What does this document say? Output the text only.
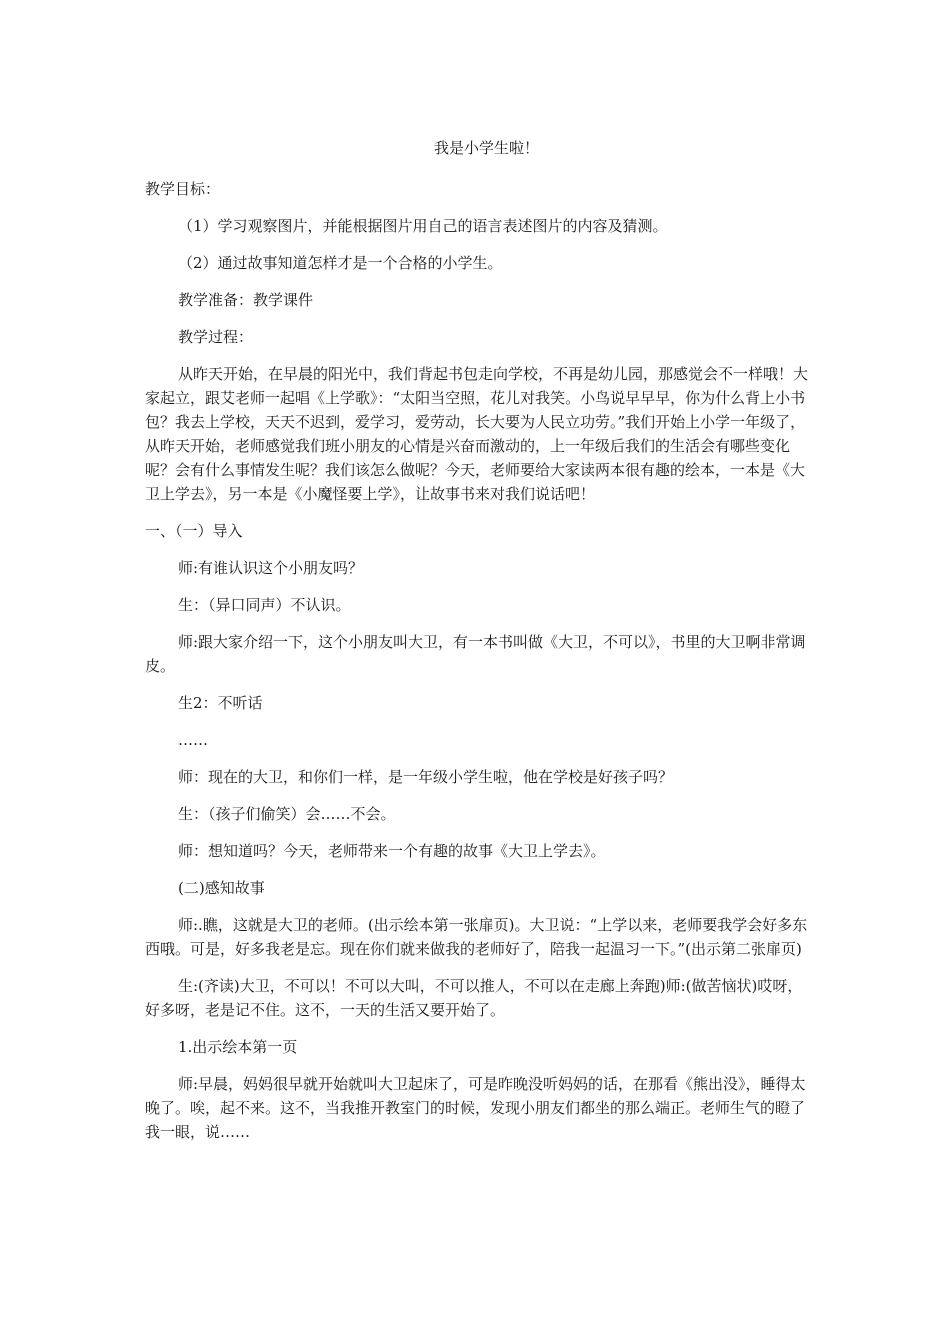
我是小学生啦！

教学目标：

（1）学习观察图片，并能根据图片用自己的语言表述图片的内容及猜测。

（2）通过故事知道怎样才是一个合格的小学生。

教学准备：教学课件

教学过程：

从昨天开始，在早晨的阳光中，我们背起书包走向学校，不再是幼儿园，那感觉会不一样哦！大家起立，跟艾老师一起唱《上学歌》：“太阳当空照，花儿对我笑。小鸟说早早早，你为什么背上小书包？我去上学校，天天不迟到，爱学习，爱劳动，长大要为人民立功劳。”我们开始上小学一年级了，从昨天开始，老师感觉我们班小朋友的心情是兴奋而激动的，上一年级后我们的生活会有哪些变化呢？会有什么事情发生呢？我们该怎么做呢？今天，老师要给大家读两本很有趣的绘本，一本是《大卫上学去》，另一本是《小魔怪要上学》，让故事书来对我们说话吧！

一、（一）导入

师:有谁认识这个小朋友吗？

生：（异口同声）不认识。

师:跟大家介绍一下，这个小朋友叫大卫，有一本书叫做《大卫，不可以》，书里的大卫啊非常调皮。

生2：不听话

……

师：现在的大卫，和你们一样，是一年级小学生啦，他在学校是好孩子吗？

生：（孩子们偷笑）会……不会。

师：想知道吗？今天，老师带来一个有趣的故事《大卫上学去》。

(二)感知故事

师:.瞧，这就是大卫的老师。(出示绘本第一张扉页)。大卫说：“上学以来，老师要我学会好多东西哦。可是，好多我老是忘。现在你们就来做我的老师好了，陪我一起温习一下。”(出示第二张扉页)

生:(齐读)大卫，不可以！不可以大叫，不可以推人，不可以在走廊上奔跑)师:(做苦恼状)哎呀，好多呀，老是记不住。这不，一天的生活又要开始了。

1.出示绘本第一页

师:早晨，妈妈很早就开始就叫大卫起床了，可是昨晚没听妈妈的话，在那看《熊出没》，睡得太晚了。唉，起不来。这不，当我推开教室门的时候，发现小朋友们都坐的那么端正。老师生气的瞪了我一眼，说……
